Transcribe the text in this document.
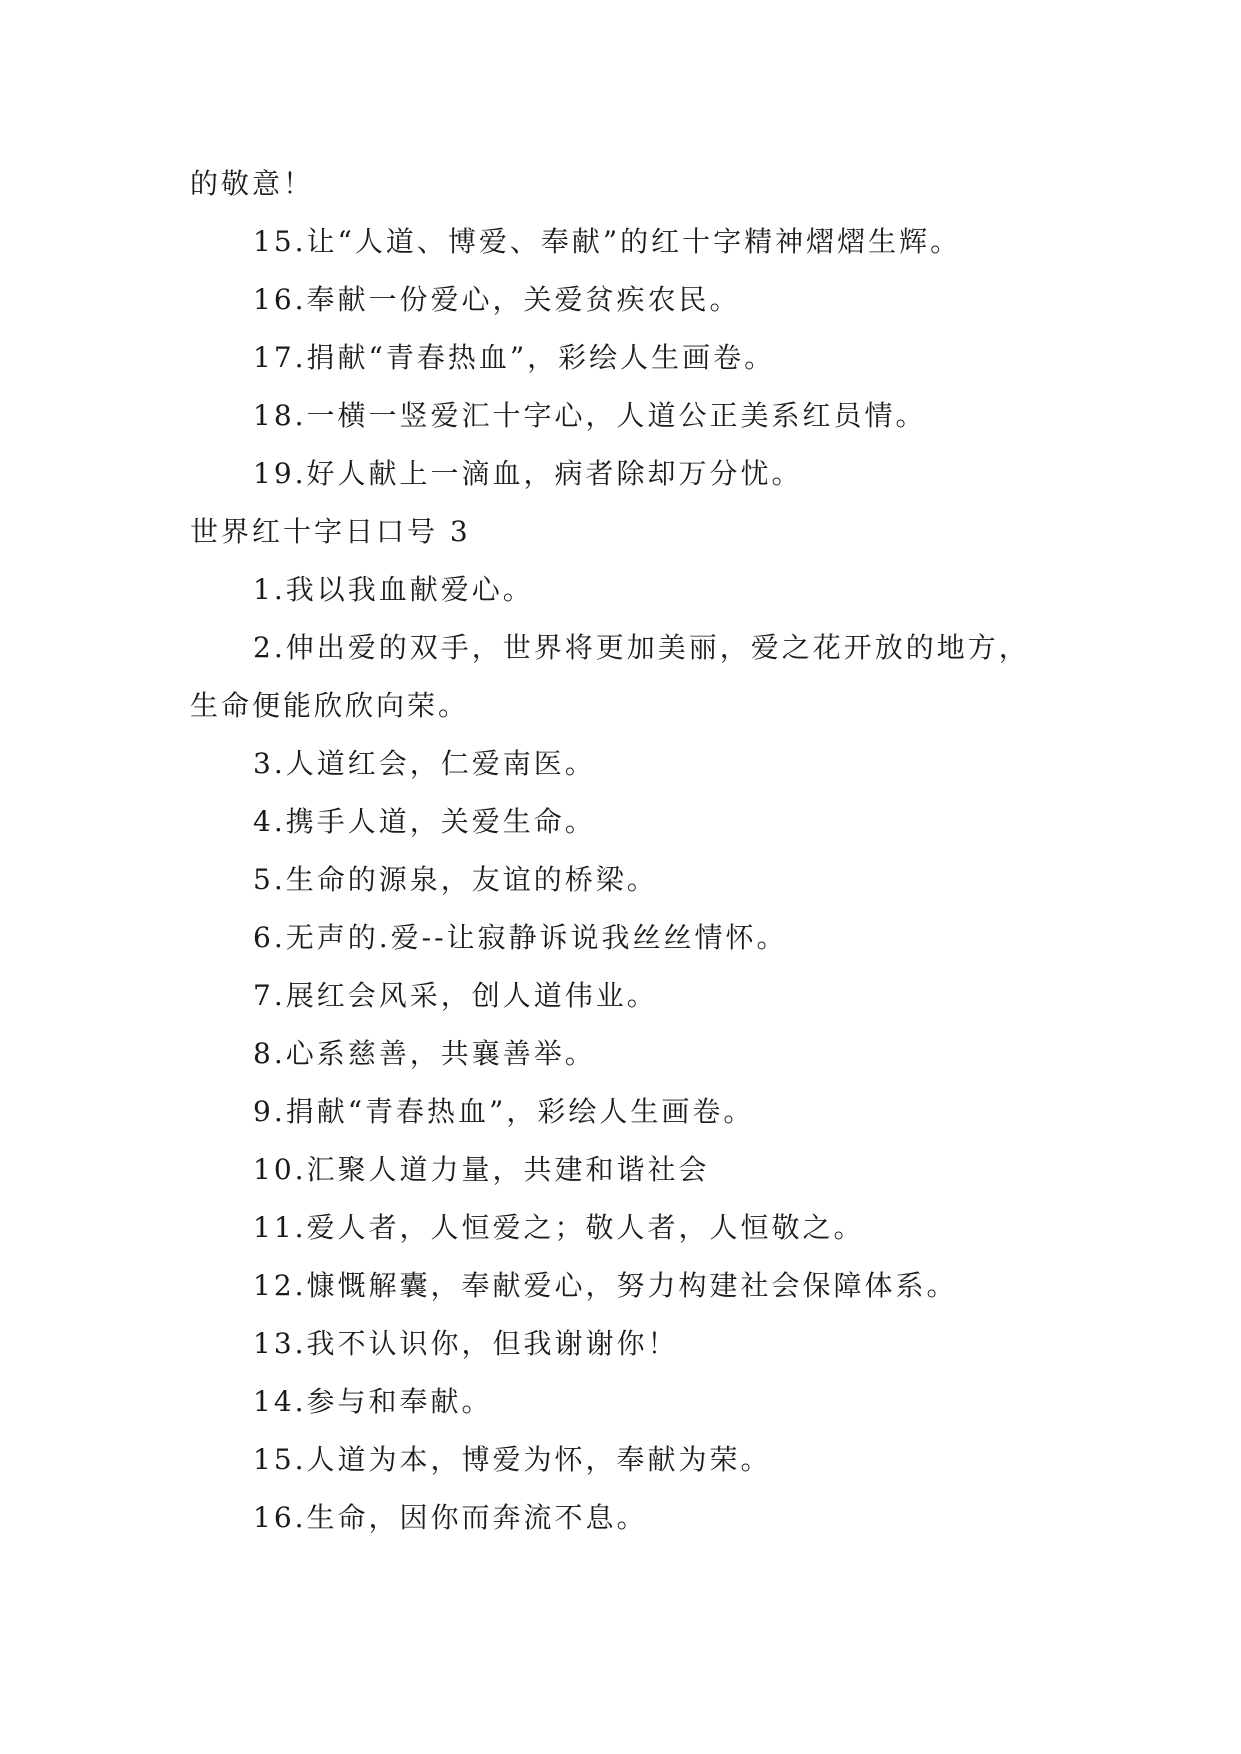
的敬意！
15.让“人道、博爱、奉献”的红十字精神熠熠生辉。
16.奉献一份爱心，关爱贫疾农民。
17.捐献“青春热血”，彩绘人生画卷。
18.一横一竖爱汇十字心，人道公正美系红员情。
19.好人献上一滴血，病者除却万分忧。
世界红十字日口号 3
1.我以我血献爱心。
2.伸出爱的双手，世界将更加美丽，爱之花开放的地方，
生命便能欣欣向荣。
3.人道红会，仁爱南医。
4.携手人道，关爱生命。
5.生命的源泉，友谊的桥梁。
6.无声的.爱--让寂静诉说我丝丝情怀。
7.展红会风采，创人道伟业。
8.心系慈善，共襄善举。
9.捐献“青春热血”，彩绘人生画卷。
10.汇聚人道力量，共建和谐社会
11.爱人者，人恒爱之；敬人者，人恒敬之。
12.慷慨解囊，奉献爱心，努力构建社会保障体系。
13.我不认识你，但我谢谢你！
14.参与和奉献。
15.人道为本，博爱为怀，奉献为荣。
16.生命，因你而奔流不息。
